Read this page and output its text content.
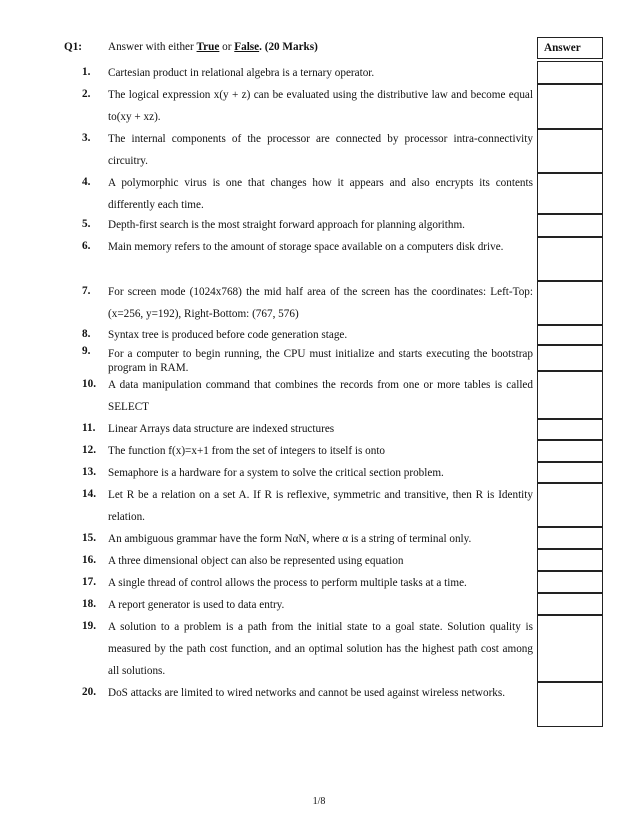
Q1: Answer with either True or False. (20 Marks)	Answer
1.	Cartesian product in relational algebra is a ternary operator.
2.	The logical expression x(y + z) can be evaluated using the distributive law and become equal to(xy + xz).
3.	The internal components of the processor are connected by processor intra-connectivity circuitry.
4.	A polymorphic virus is one that changes how it appears and also encrypts its contents differently each time.
5.	Depth-first search is the most straight forward approach for planning algorithm.
6.	Main memory refers to the amount of storage space available on a computers disk drive.
7.	For screen mode (1024x768) the mid half area of the screen has the coordinates: Left-Top: (x=256, y=192), Right-Bottom: (767, 576)
8.	Syntax tree is produced before code generation stage.
9.	For a computer to begin running, the CPU must initialize and starts executing the bootstrap program in RAM.
10.	A data manipulation command that combines the records from one or more tables is called SELECT
11.	Linear Arrays data structure are indexed structures
12.	The function f(x)=x+1 from the set of integers to itself is onto
13.	Semaphore is a hardware for a system to solve the critical section problem.
14.	Let R be a relation on a set A. If R is reflexive, symmetric and transitive, then R is Identity relation.
15.	An ambiguous grammar have the form NαN, where α is a string of terminal only.
16.	A three dimensional object can also be represented using equation
17.	A single thread of control allows the process to perform multiple tasks at a time.
18.	A report generator is used to data entry.
19.	A solution to a problem is a path from the initial state to a goal state. Solution quality is measured by the path cost function, and an optimal solution has the highest path cost among all solutions.
20.	DoS attacks are limited to wired networks and cannot be used against wireless networks.
1/8
